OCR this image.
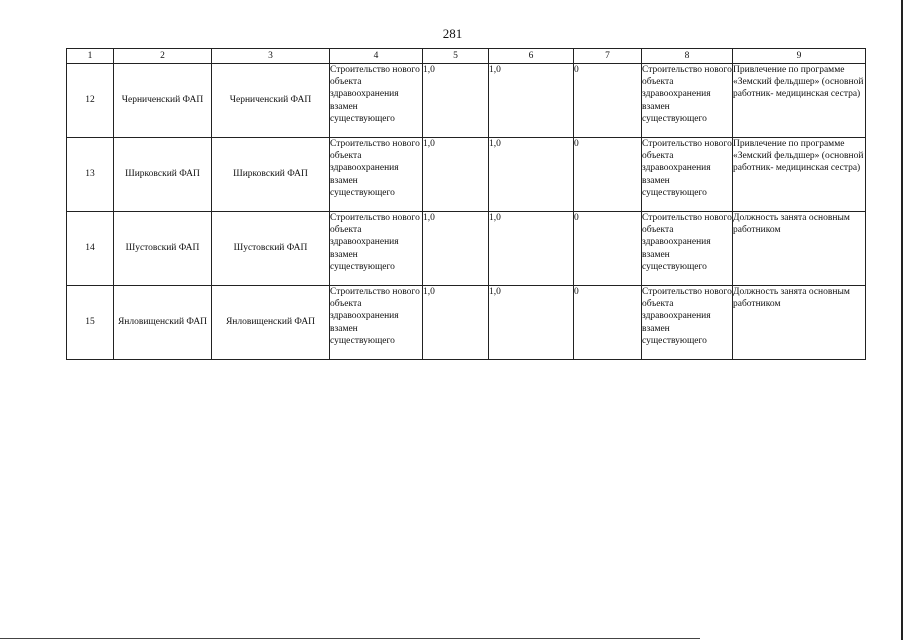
281
1	2	3	4	5	6	7	8	9
12	Черниченский ФАП	Черниченский ФАП	Строительство нового объекта здравоохранения взамен существующего	1,0	1,0	0	Строительство нового объекта здравоохранения взамен существующего	Привлечение по программе «Земский фельдшер» (основной работник- медицинская сестра)
13	Ширковский ФАП	Ширковский ФАП	Строительство нового объекта здравоохранения взамен существующего	1,0	1,0	0	Строительство нового объекта здравоохранения взамен существующего	Привлечение по программе «Земский фельдшер» (основной работник- медицинская сестра)
14	Шустовский ФАП	Шустовский ФАП	Строительство нового объекта здравоохранения взамен существующего	1,0	1,0	0	Строительство нового объекта здравоохранения взамен существующего	Должность занята основным работником
15	Янловищенский ФАП	Янловищенский ФАП	Строительство нового объекта здравоохранения взамен существующего	1,0	1,0	0	Строительство нового объекта здравоохранения взамен существующего	Должность занята основным работником
